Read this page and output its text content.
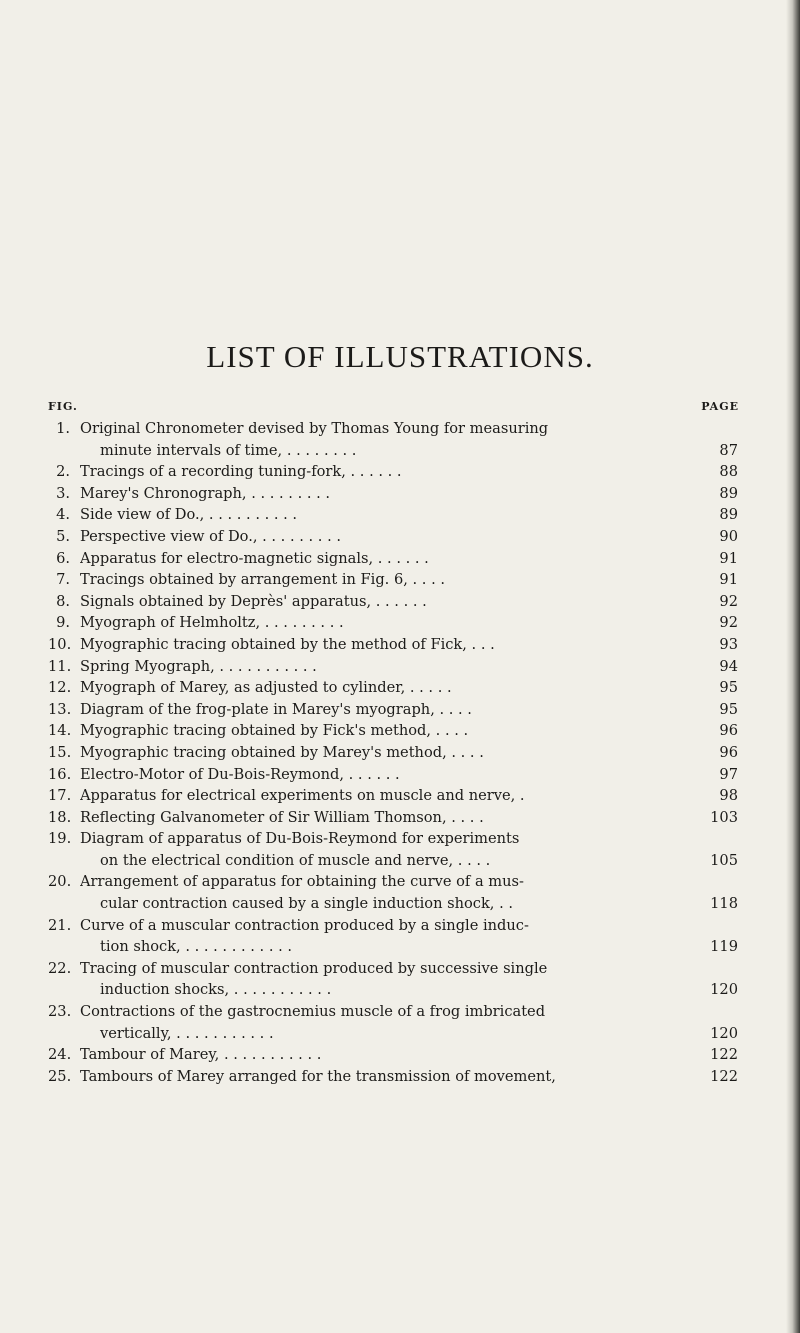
LIST OF ILLUSTRATIONS.
FIG.	PAGE
1. Original Chronometer devised by Thomas Young for measuring
minute intervals of time, . . . . . . . .	87
2. Tracings of a recording tuning-fork, . . . . . .	88
3. Marey's Chronograph, . . . . . . . . .	89
4. Side view of Do., . . . . . . . . . .	89
5. Perspective view of Do., . . . . . . . . .	90
6. Apparatus for electro-magnetic signals, . . . . . .	91
7. Tracings obtained by arrangement in Fig. 6, . . . .	91
8. Signals obtained by Deprès' apparatus, . . . . . .	92
9. Myograph of Helmholtz, . . . . . . . . .	92
10. Myographic tracing obtained by the method of Fick, . . .	93
11. Spring Myograph, . . . . . . . . . . .	94
12. Myograph of Marey, as adjusted to cylinder, . . . . .	95
13. Diagram of the frog-plate in Marey's myograph, . . . .	95
14. Myographic tracing obtained by Fick's method, . . . .	96
15. Myographic tracing obtained by Marey's method, . . . .	96
16. Electro-Motor of Du-Bois-Reymond, . . . . . .	97
17. Apparatus for electrical experiments on muscle and nerve, .	98
18. Reflecting Galvanometer of Sir William Thomson, . . . .	103
19. Diagram of apparatus of Du-Bois-Reymond for experiments
on the electrical condition of muscle and nerve, . . . .	105
20. Arrangement of apparatus for obtaining the curve of a mus-
cular contraction caused by a single induction shock, . .	118
21. Curve of a muscular contraction produced by a single induc-
tion shock, . . . . . . . . . . . .	119
22. Tracing of muscular contraction produced by successive single
induction shocks, . . . . . . . . . . .	120
23. Contractions of the gastrocnemius muscle of a frog imbricated
vertically, . . . . . . . . . . .	120
24. Tambour of Marey, . . . . . . . . . . .	122
25. Tambours of Marey arranged for the transmission of movement,	122
